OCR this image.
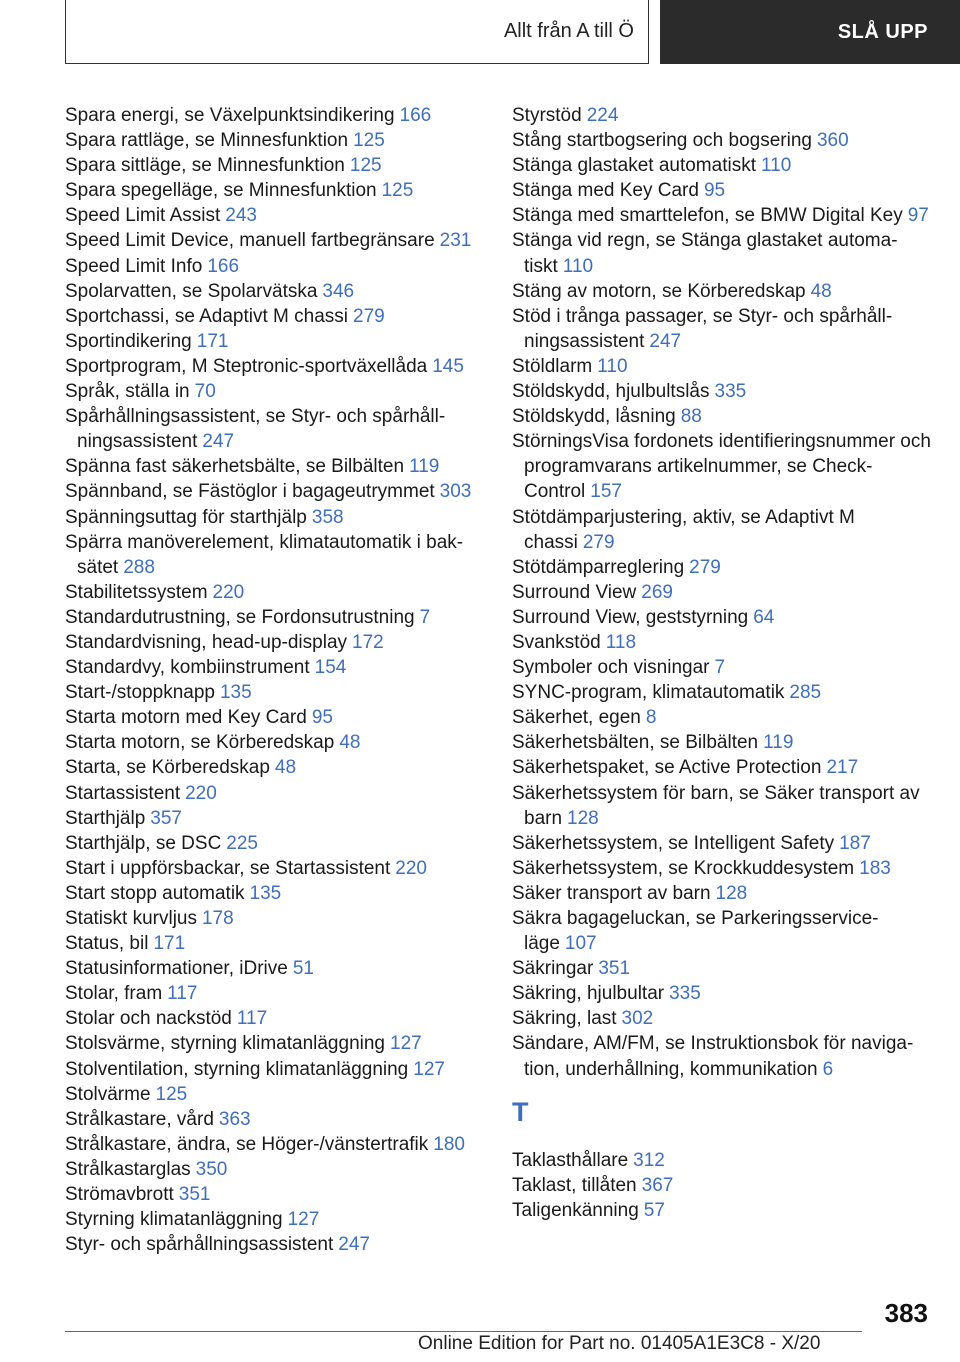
Allt från A till Ö	SLÅ UPP
Spara energi, se Växelpunktsindikering 166
Spara rattläge, se Minnesfunktion 125
Spara sittläge, se Minnesfunktion 125
Spara spegelläge, se Minnesfunktion 125
Speed Limit Assist 243
Speed Limit Device, manuell fartbegränsare 231
Speed Limit Info 166
Spolarvatten, se Spolarvätska 346
Sportchassi, se Adaptivt M chassi 279
Sportindikering 171
Sportprogram, M Steptronic-sportväxellåda 145
Språk, ställa in 70
Spårhållningsassistent, se Styr- och spårhåll-ningsassistent 247
Spänna fast säkerhetsbälte, se Bilbälten 119
Spännband, se Fästöglor i bagageutrymmet 303
Spänningsuttag för starthjälp 358
Spärra manöverelement, klimatautomatik i bak-sätet 288
Stabilitetssystem 220
Standardutrustning, se Fordonsutrustning 7
Standardvisning, head-up-display 172
Standardvy, kombiinstrument 154
Start-/stoppknapp 135
Starta motorn med Key Card 95
Starta motorn, se Körberedskap 48
Starta, se Körberedskap 48
Startassistent 220
Starthjälp 357
Starthjälp, se DSC 225
Start i uppförsbackar, se Startassistent 220
Start stopp automatik 135
Statiskt kurvljus 178
Status, bil 171
Statusinformationer, iDrive 51
Stolar, fram 117
Stolar och nackstöd 117
Stolsvärme, styrning klimatanläggning 127
Stolventilation, styrning klimatanläggning 127
Stolvärme 125
Strålkastare, vård 363
Strålkastare, ändra, se Höger-/vänstertrafik 180
Strålkastarglas 350
Strömavbrott 351
Styrning klimatanläggning 127
Styr- och spårhållningsassistent 247
Styrstöd 224
Stång startbogsering och bogsering 360
Stänga glastaket automatiskt 110
Stänga med Key Card 95
Stänga med smarttelefon, se BMW Digital Key 97
Stänga vid regn, se Stänga glastaket automa-tiskt 110
Stäng av motorn, se Körberedskap 48
Stöd i trånga passager, se Styr- och spårhåll-ningsassistent 247
Stöldlarm 110
Stöldskydd, hjulbultslås 335
Stöldskydd, låsning 88
StörningsVisa fordonets identifieringsnummer och programvarans artikelnummer, se Check-Control 157
Stötdämparjustering, aktiv, se Adaptivt M chassi 279
Stötdämparreglering 279
Surround View 269
Surround View, geststyrning 64
Svankstöd 118
Symboler och visningar 7
SYNC-program, klimatautomatik 285
Säkerhet, egen 8
Säkerhetsbälten, se Bilbälten 119
Säkerhetspaket, se Active Protection 217
Säkerhetssystem för barn, se Säker transport av barn 128
Säkerhetssystem, se Intelligent Safety 187
Säkerhetssystem, se Krockkuddesystem 183
Säker transport av barn 128
Säkra bagageluckan, se Parkeringsservice-läge 107
Säkringar 351
Säkring, hjulbultar 335
Säkring, last 302
Sändare, AM/FM, se Instruktionsbok för naviga-tion, underhållning, kommunikation 6
T
Taklasthållare 312
Taklast, tillåten 367
Taligenkänning 57
383
Online Edition for Part no. 01405A1E3C8 - X/20
